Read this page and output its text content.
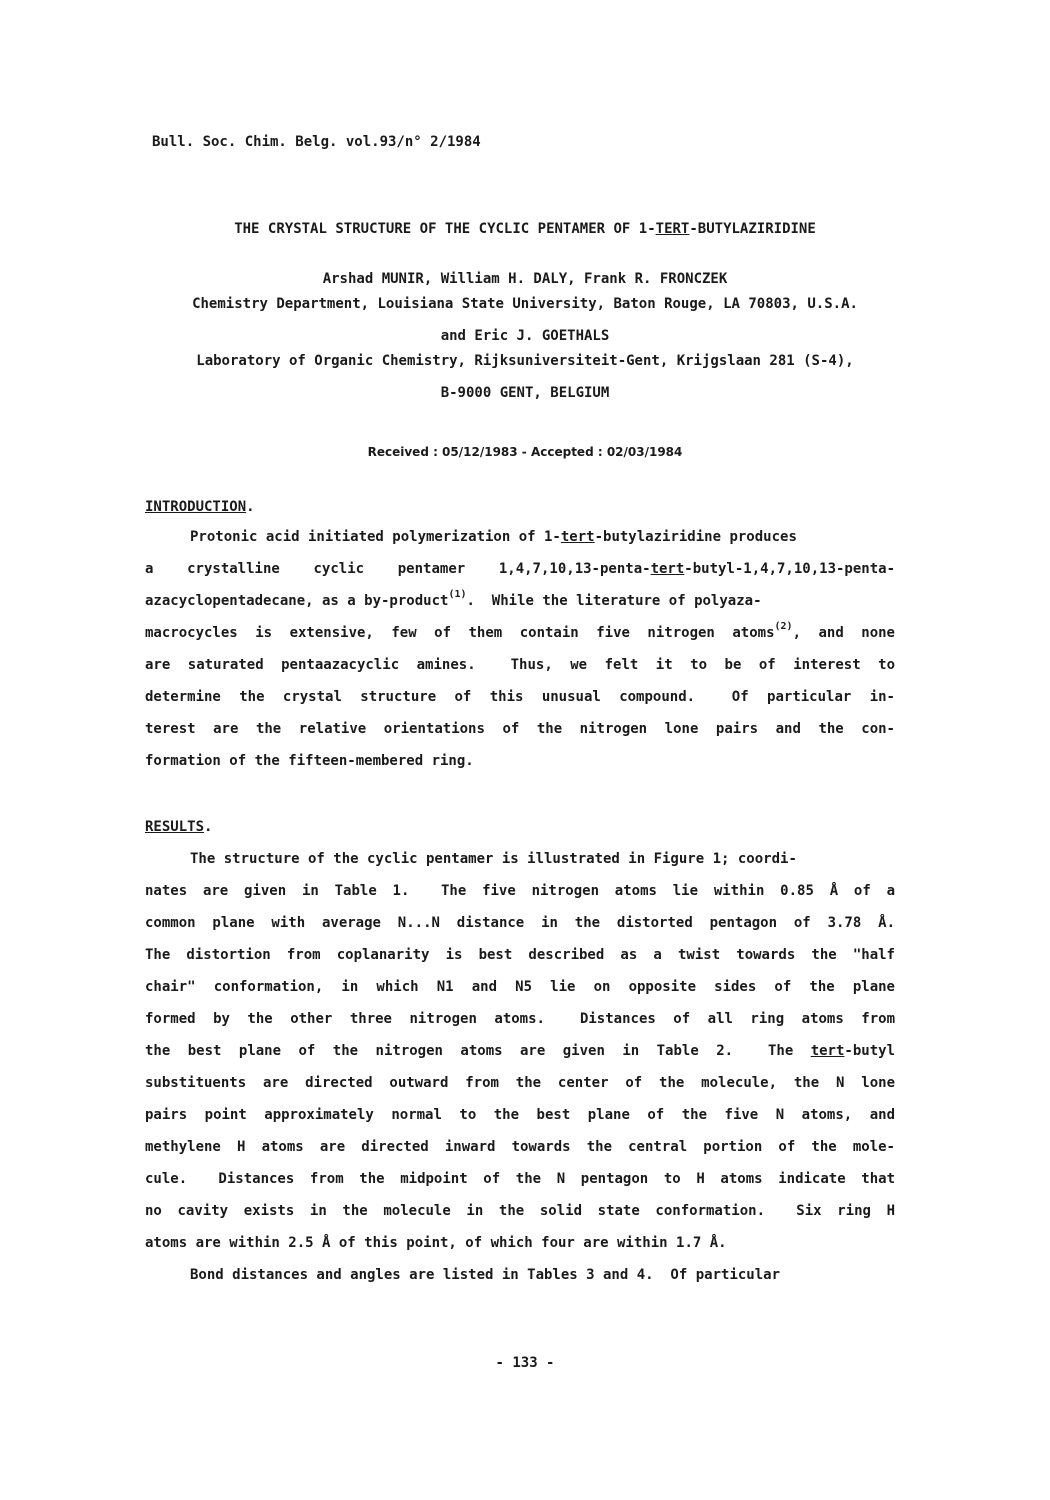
Bull. Soc. Chim. Belg. vol.93/n° 2/1984
THE CRYSTAL STRUCTURE OF THE CYCLIC PENTAMER OF 1-TERT-BUTYLAZIRIDINE
Arshad MUNIR, William H. DALY, Frank R. FRONCZEK
Chemistry Department, Louisiana State University, Baton Rouge, LA 70803, U.S.A.
and Eric J. GOETHALS
Laboratory of Organic Chemistry, Rijksuniversiteit-Gent, Krijgslaan 281 (S-4),
B-9000 GENT, BELGIUM
Received : 05/12/1983 - Accepted : 02/03/1984
INTRODUCTION.
Protonic acid initiated polymerization of 1-tert-butylaziridine produces
a crystalline cyclic pentamer 1,4,7,10,13-penta-tert-butyl-1,4,7,10,13-penta-
azacyclopentadecane, as a by-product$^{(1)}$.  While the literature of polyaza-
macrocycles is extensive, few of them contain five nitrogen atoms$^{(2)}$, and none
are saturated pentaazacyclic amines.  Thus, we felt it to be of interest to
determine the crystal structure of this unusual compound.  Of particular in-
terest are the relative orientations of the nitrogen lone pairs and the con-
formation of the fifteen-membered ring.
RESULTS.
The structure of the cyclic pentamer is illustrated in Figure 1; coordi-
nates are given in Table 1.  The five nitrogen atoms lie within 0.85 Å of a
common plane with average N...N distance in the distorted pentagon of 3.78 Å.
The distortion from coplanarity is best described as a twist towards the "half
chair" conformation, in which N1 and N5 lie on opposite sides of the plane
formed by the other three nitrogen atoms.  Distances of all ring atoms from
the best plane of the nitrogen atoms are given in Table 2.  The tert-butyl
substituents are directed outward from the center of the molecule, the N lone
pairs point approximately normal to the best plane of the five N atoms, and
methylene H atoms are directed inward towards the central portion of the mole-
cule.  Distances from the midpoint of the N pentagon to H atoms indicate that
no cavity exists in the molecule in the solid state conformation.  Six ring H
atoms are within 2.5 Å of this point, of which four are within 1.7 Å.
Bond distances and angles are listed in Tables 3 and 4.  Of particular
- 133 -
